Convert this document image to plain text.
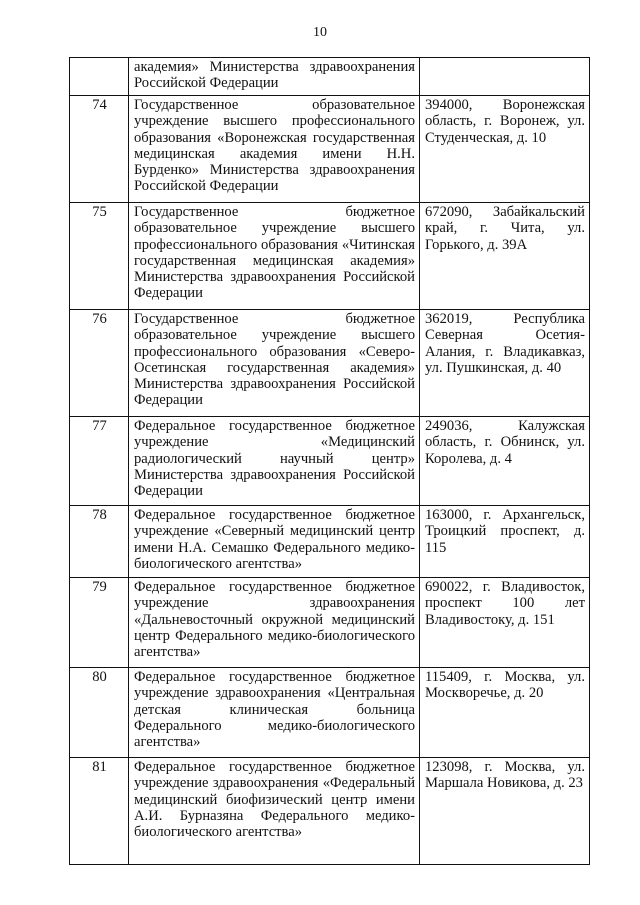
10
	академия» Министерства здравоохранения Российской Федерации	
74	Государственное образовательное учреждение высшего профессионального образования «Воронежская государственная медицинская академия имени Н.Н. Бурденко» Министерства здравоохранения Российской Федерации	394000, Воронежская область, г. Воронеж, ул. Студенческая, д. 10
75	Государственное бюджетное образовательное учреждение высшего профессионального образования «Читинская государственная медицинская академия» Министерства здравоохранения Российской Федерации	672090, Забайкальский край, г. Чита, ул. Горького, д. 39А
76	Государственное бюджетное образовательное учреждение высшего профессионального образования «Северо-Осетинская государственная академия» Министерства здравоохранения Российской Федерации	362019, Республика Северная Осетия-Алания, г. Владикавказ, ул. Пушкинская, д. 40
77	Федеральное государственное бюджетное учреждение «Медицинский радиологический научный центр» Министерства здравоохранения Российской Федерации	249036, Калужская область, г. Обнинск, ул. Королева, д. 4
78	Федеральное государственное бюджетное учреждение «Северный медицинский центр имени Н.А. Семашко Федерального медико-биологического агентства»	163000, г. Архангельск, Троицкий проспект, д. 115
79	Федеральное государственное бюджетное учреждение здравоохранения «Дальневосточный окружной медицинский центр Федерального медико-биологического агентства»	690022, г. Владивосток, проспект 100 лет Владивостоку, д. 151
80	Федеральное государственное бюджетное учреждение здравоохранения «Центральная детская клиническая больница Федерального медико-биологического агентства»	115409, г. Москва, ул. Москворечье, д. 20
81	Федеральное государственное бюджетное учреждение здравоохранения «Федеральный медицинский биофизический центр имени А.И. Бурназяна Федерального медико-биологического агентства»	123098, г. Москва, ул. Маршала Новикова, д. 23
